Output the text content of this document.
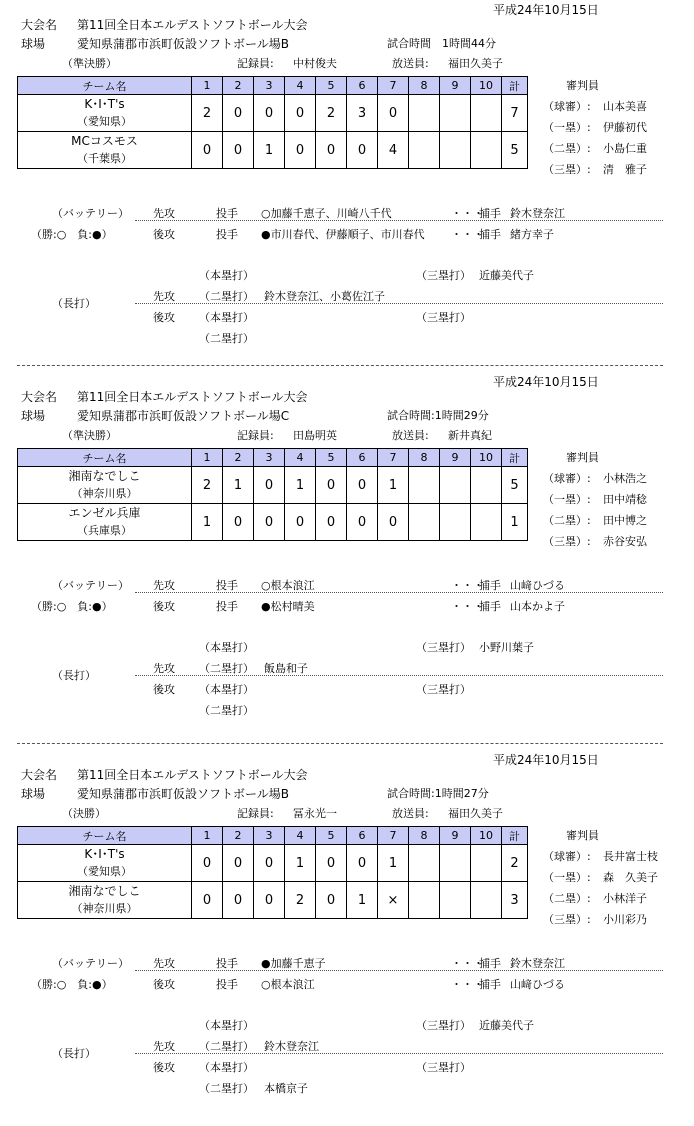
平成24年10月15日
大会名 第11回全日本エルデストソフトボール大会
球場	愛知県蒲郡市浜町仮設ソフトボール場B	試合時間　1時間44分
（準決勝）	記録員: 中村俊夫	放送員: 福田久美子
チーム名	1	2	3	4	5	6	7	8	9	10	計

K･I･T's
（愛知県）	2	0	0	0	2	3	0				7

MCコスモス
（千葉県）	0	0	1	0	0	0	4				5

審判員
（球審）: 山本美喜
（一塁）: 伊藤初代
（二塁）: 小島仁重
（三塁）: 清　雅子
（バッテリー）
（勝:○　負:●）
先攻	投手 ○加藤千恵子、川崎八千代	・・・
捕手 鈴木登奈江
後攻	投手 ●市川春代、伊藤順子、市川春代 ・・・
捕手 緒方幸子
（長打）
（本塁打）	（三塁打） 近藤美代子
先攻 （二塁打） 鈴木登奈江、小葛佐江子
後攻 （本塁打）	（三塁打）
（二塁打）
平成24年10月15日
大会名 第11回全日本エルデストソフトボール大会
球場	愛知県蒲郡市浜町仮設ソフトボール場C	試合時間:1時間29分
（準決勝）	記録員: 田島明英	放送員: 新井真紀
チーム名	1	2	3	4	5	6	7	8	9	10	計

湘南なでしこ
（神奈川県）	2	1	0	1	0	0	1				5

エンゼル兵庫
（兵庫県）	1	0	0	0	0	0	0				1

審判員
（球審）: 小林浩之
（一塁）: 田中靖稔
（二塁）: 田中博之
（三塁）: 赤谷安弘
（バッテリー）
（勝:○　負:●）
先攻	投手 ○根本浪江	・・・
捕手 山﨑ひづる
後攻	投手 ●松村晴美	・・・
捕手 山本かよ子
（長打）
（本塁打）	（三塁打） 小野川葉子
先攻 （二塁打） 飯島和子
後攻 （本塁打）	（三塁打）
（二塁打）
平成24年10月15日
大会名 第11回全日本エルデストソフトボール大会
球場	愛知県蒲郡市浜町仮設ソフトボール場B	試合時間:1時間27分
（決勝）	記録員: 冨永光一	放送員: 福田久美子
チーム名	1	2	3	4	5	6	7	8	9	10	計

K･I･T's
（愛知県）	0	0	0	1	0	0	1				2

湘南なでしこ
（神奈川県）	0	0	0	2	0	1	×				3

審判員
（球審）: 長井富士枝
（一塁）: 森　久美子
（二塁）: 小林洋子
（三塁）: 小川彩乃
（バッテリー）
（勝:○　負:●）
先攻	投手 ●加藤千恵子	・・・
捕手 鈴木登奈江
後攻	投手 ○根本浪江	・・・
捕手 山﨑ひづる
（長打）
（本塁打）	（三塁打） 近藤美代子
先攻 （二塁打） 鈴木登奈江
後攻 （本塁打）	（三塁打）
（二塁打） 本橋京子
